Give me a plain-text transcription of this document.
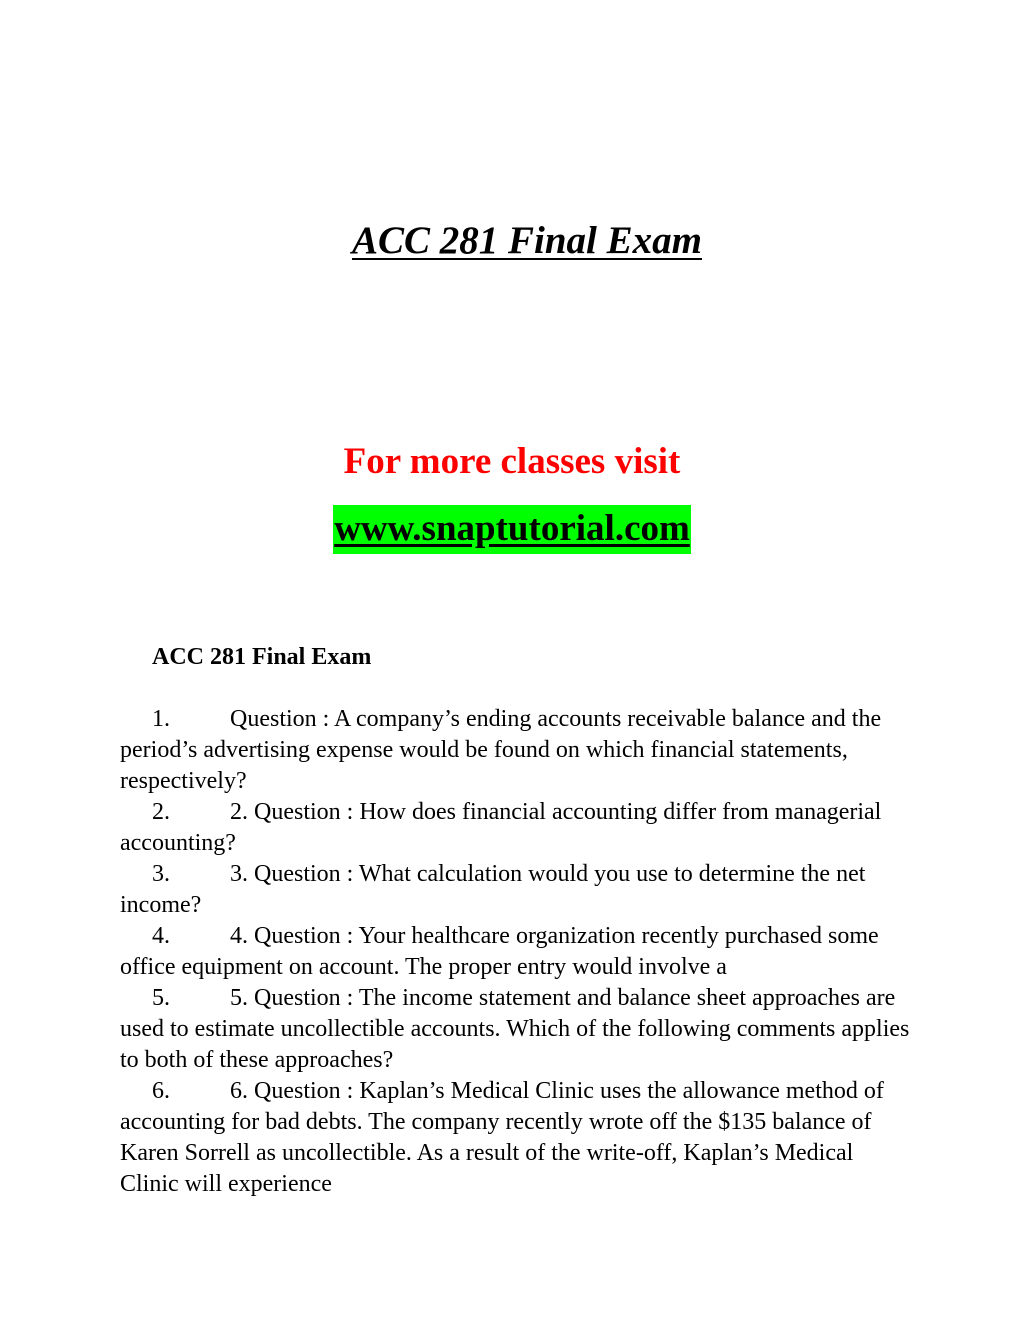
ACC 281 Final Exam
For more classes visit
www.snaptutorial.com
ACC 281 Final Exam
1.	Question : A company’s ending accounts receivable balance and the period’s advertising expense would be found on which financial statements, respectively?
2.	2. Question : How does financial accounting differ from managerial accounting?
3.	3. Question : What calculation would you use to determine the net income?
4.	4. Question : Your healthcare organization recently purchased some office equipment on account. The proper entry would involve a
5.	5. Question : The income statement and balance sheet approaches are used to estimate uncollectible accounts. Which of the following comments applies to both of these approaches?
6.	6. Question : Kaplan’s Medical Clinic uses the allowance method of accounting for bad debts. The company recently wrote off the $135 balance of Karen Sorrell as uncollectible. As a result of the write-off, Kaplan’s Medical Clinic will experience
